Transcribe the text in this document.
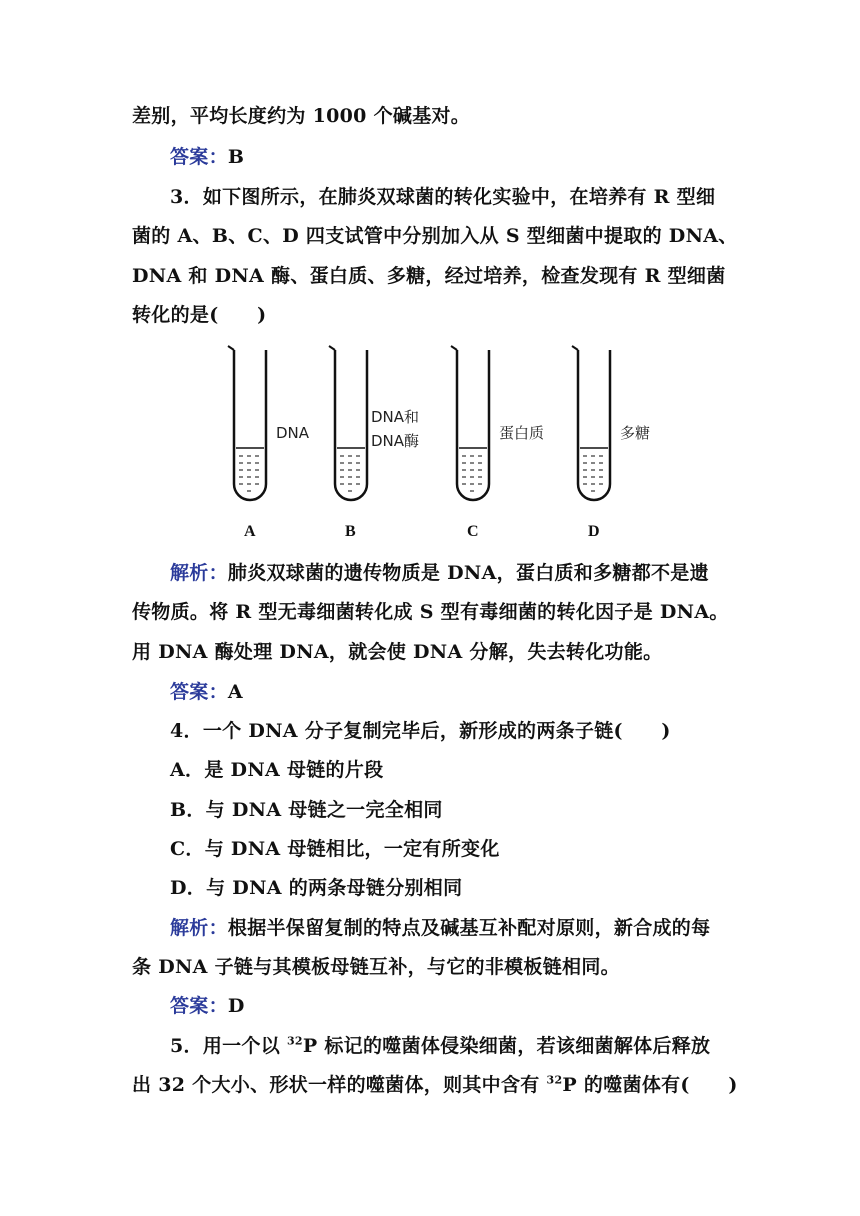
差别，平均长度约为 1000 个碱基对。
答案：B
3．如下图所示，在肺炎双球菌的转化实验中，在培养有 R 型细
菌的 A、B、C、D 四支试管中分别加入从 S 型细菌中提取的 DNA、
DNA 和 DNA 酶、蛋白质、多糖，经过培养，检查发现有 R 型细菌
转化的是(　　)
DNA
A
DNA和
DNA酶
B
蛋白质
C
多糖
D
解析：肺炎双球菌的遗传物质是 DNA，蛋白质和多糖都不是遗
传物质。将 R 型无毒细菌转化成 S 型有毒细菌的转化因子是 DNA。
用 DNA 酶处理 DNA，就会使 DNA 分解，失去转化功能。
答案：A
4．一个 DNA 分子复制完毕后，新形成的两条子链(　　)
A．是 DNA 母链的片段
B．与 DNA 母链之一完全相同
C．与 DNA 母链相比，一定有所变化
D．与 DNA 的两条母链分别相同
解析：根据半保留复制的特点及碱基互补配对原则，新合成的每
条 DNA 子链与其模板母链互补，与它的非模板链相同。
答案：D
5．用一个以 $^{32}$P 标记的噬菌体侵染细菌，若该细菌解体后释放
出 32 个大小、形状一样的噬菌体，则其中含有 $^{32}$P 的噬菌体有(　　)
